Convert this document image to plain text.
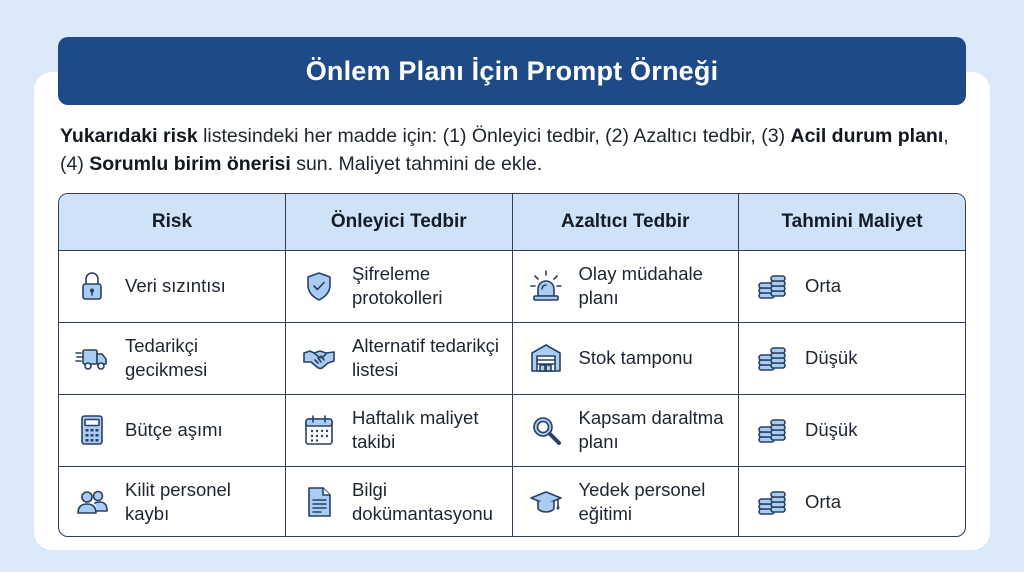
Önlem Planı İçin Prompt Örneği

Yukarıdaki risk listesindeki her madde için: (1) Önleyici tedbir, (2) Azaltıcı tedbir, (3) Acil durum planı, (4) Sorumlu birim önerisi sun. Maliyet tahmini de ekle.

Risk	Önleyici Tedbir	Azaltıcı Tedbir	Tahmini Maliyet

Veri sızıntısı	Şifreleme protokolleri	Olay müdahale planı	Orta

Tedarikçi gecikmesi	Alternatif tedarikçi listesi	Stok tamponu	Düşük

Bütçe aşımı	Haftalık maliyet takibi	Kapsam daraltma planı	Düşük

Kilit personel kaybı	Bilgi dokümantasyonu	Yedek personel eğitimi	Orta
